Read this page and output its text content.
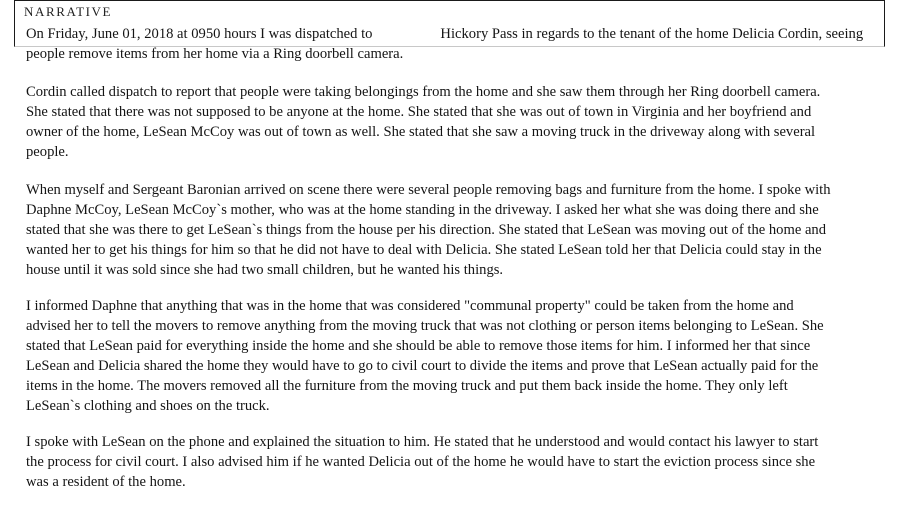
NARRATIVE
On Friday, June 01, 2018 at 0950 hours I was dispatched to	Hickory Pass in regards to the tenant of the home Delicia Cordin, seeing
people remove items from her home via a Ring doorbell camera.
Cordin called dispatch to report that people were taking belongings from the home and she saw them through her Ring doorbell camera.
She stated that there was not supposed to be anyone at the home. She stated that she was out of town in Virginia and her boyfriend and
owner of the home, LeSean McCoy was out of town as well. She stated that she saw a moving truck in the driveway along with several
people.
When myself and Sergeant Baronian arrived on scene there were several people removing bags and furniture from the home. I spoke with
Daphne McCoy, LeSean McCoy`s mother, who was at the home standing in the driveway. I asked her what she was doing there and she
stated that she was there to get LeSean`s things from the house per his direction. She stated that LeSean was moving out of the home and
wanted her to get his things for him so that he did not have to deal with Delicia. She stated LeSean told her that Delicia could stay in the
house until it was sold since she had two small children, but he wanted his things.
I informed Daphne that anything that was in the home that was considered "communal property" could be taken from the home and
advised her to tell the movers to remove anything from the moving truck that was not clothing or person items belonging to LeSean. She
stated that LeSean paid for everything inside the home and she should be able to remove those items for him. I informed her that since
LeSean and Delicia shared the home they would have to go to civil court to divide the items and prove that LeSean actually paid for the
items in the home. The movers removed all the furniture from the moving truck and put them back inside the home. They only left
LeSean`s clothing and shoes on the truck.
I spoke with LeSean on the phone and explained the situation to him. He stated that he understood and would contact his lawyer to start
the process for civil court. I also advised him if he wanted Delicia out of the home he would have to start the eviction process since she
was a resident of the home.
